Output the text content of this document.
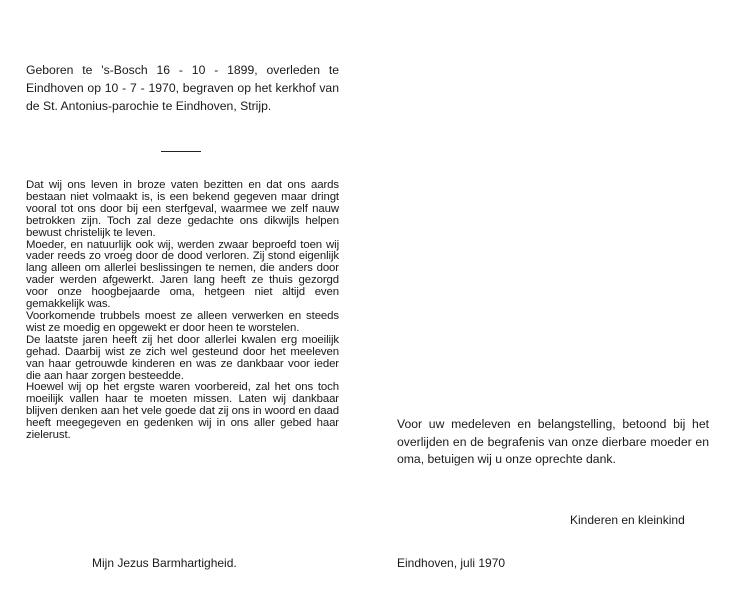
Geboren te 's-Bosch 16 - 10 - 1899, overleden te Eindhoven op 10 - 7 - 1970, begraven op het kerkhof van de St. Antonius-parochie te Eindhoven, Strijp.

Dat wij ons leven in broze vaten bezitten en dat ons aards bestaan niet volmaakt is, is een bekend gegeven maar dringt vooral tot ons door bij een sterfgeval, waarmee we zelf nauw betrokken zijn. Toch zal deze gedachte ons dikwijls helpen bewust christelijk te leven.

Moeder, en natuurlijk ook wij, werden zwaar beproefd toen wij vader reeds zo vroeg door de dood verloren. Zij stond eigenlijk lang alleen om allerlei beslissingen te nemen, die anders door vader werden afgewerkt. Jaren lang heeft ze thuis gezorgd voor onze hoogbejaarde oma, hetgeen niet altijd even gemakkelijk was.

Voorkomende trubbels moest ze alleen verwerken en steeds wist ze moedig en opgewekt er door heen te worstelen.

De laatste jaren heeft zij het door allerlei kwalen erg moeilijk gehad. Daarbij wist ze zich wel gesteund door het meeleven van haar getrouwde kinderen en was ze dankbaar voor ieder die aan haar zorgen besteedde.

Hoewel wij op het ergste waren voorbereid, zal het ons toch moeilijk vallen haar te moeten missen. Laten wij dankbaar blijven denken aan het vele goede dat zij ons in woord en daad heeft meegegeven en gedenken wij in ons aller gebed haar zielerust.

Mijn Jezus Barmhartigheid.

Voor uw medeleven en belangstelling, betoond bij het overlijden en de begrafenis van onze dierbare moeder en oma, betuigen wij u onze oprechte dank.

Kinderen en kleinkind
Eindhoven, juli 1970
